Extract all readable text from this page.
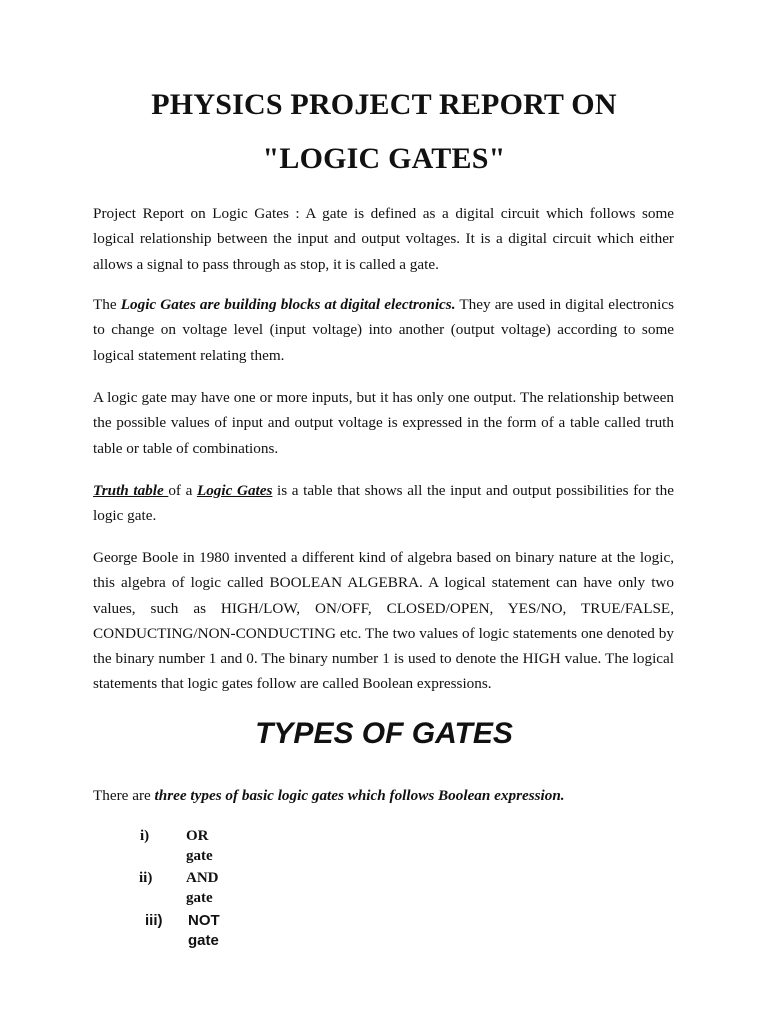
PHYSICS PROJECT REPORT ON
"LOGIC GATES"
Project Report on Logic Gates : A gate is defined as a digital circuit which follows some logical relationship between the input and output voltages. It is a digital circuit which either allows a signal to pass through as stop, it is called a gate.
The Logic Gates are building blocks at digital electronics. They are used in digital electronics to change on voltage level (input voltage) into another (output voltage) according to some logical statement relating them.
A logic gate may have one or more inputs, but it has only one output. The relationship between the possible values of input and output voltage is expressed in the form of a table called truth table or table of combinations.
Truth table of a Logic Gates is a table that shows all the input and output possibilities for the logic gate.
George Boole in 1980 invented a different kind of algebra based on binary nature at the logic, this algebra of logic called BOOLEAN ALGEBRA. A logical statement can have only two values, such as HIGH/LOW, ON/OFF, CLOSED/OPEN, YES/NO, TRUE/FALSE, CONDUCTING/NON-CONDUCTING etc. The two values of logic statements one denoted by the binary number 1 and 0. The binary number 1 is used to denote the HIGH value. The logical statements that logic gates follow are called Boolean expressions.
TYPES OF GATES
There are three types of basic logic gates which follows Boolean expression.
i) OR gate
ii) AND gate
iii) NOT gate
